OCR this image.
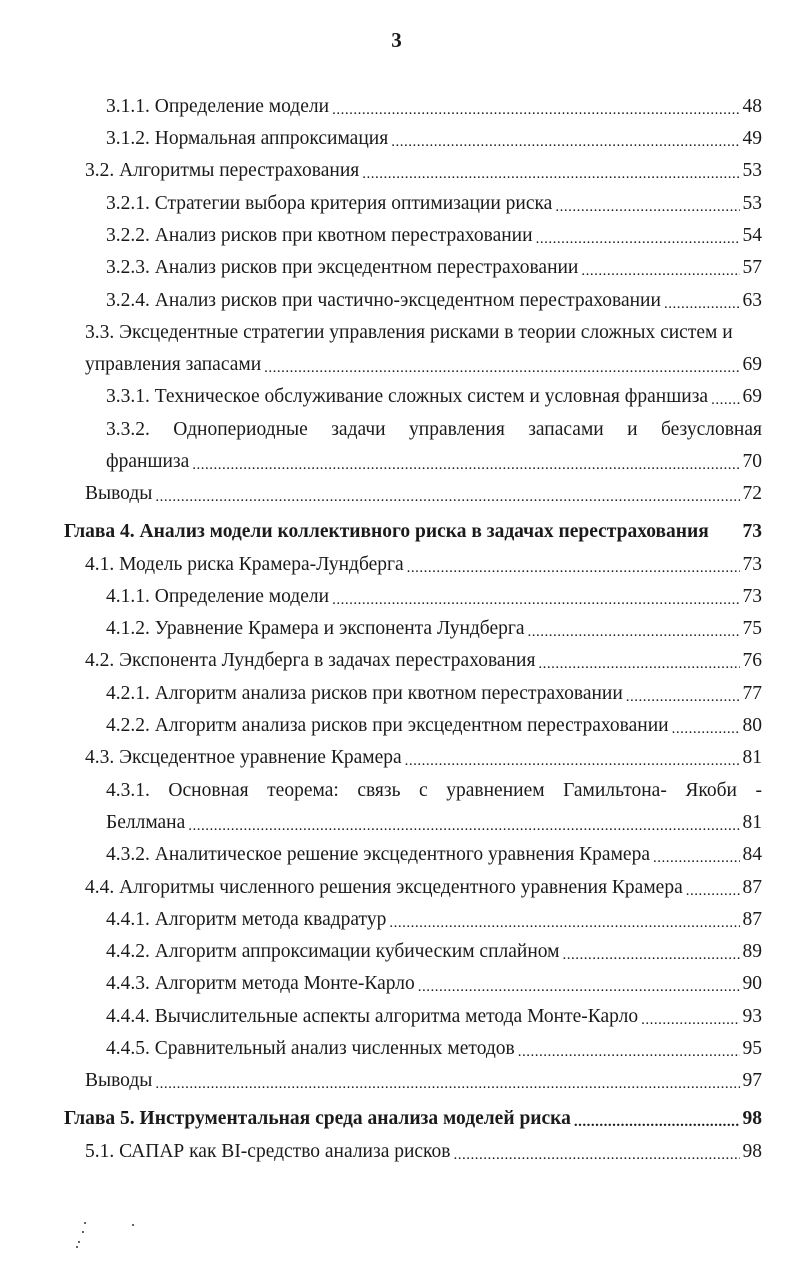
3
3.1.1. Определение модели .....	48
3.1.2. Нормальная аппроксимация .....	49
3.2. Алгоритмы перестрахования .....	53
3.2.1. Стратегии выбора критерия оптимизации риска .....	53
3.2.2. Анализ рисков при квотном перестраховании .....	54
3.2.3. Анализ рисков при эксцедентном перестраховании .....	57
3.2.4. Анализ рисков при частично-эксцедентном перестраховании .....	63
3.3. Эксцедентные стратегии управления рисками в теории сложных систем и
управления запасами .....	69
3.3.1. Техническое обслуживание сложных систем и условная франшиза ..... 69
3.3.2. Однопериодные задачи управления запасами и безусловная
франшиза .....	70
Выводы .....	72
Глава 4. Анализ модели коллективного риска в задачах перестрахования	73
4.1. Модель риска Крамера-Лундберга .....	73
4.1.1. Определение модели .....	73
4.1.2. Уравнение Крамера и экспонента Лундберга .....	75
4.2. Экспонента Лундберга в задачах перестрахования .....	76
4.2.1. Алгоритм анализа рисков при квотном перестраховании .....	77
4.2.2. Алгоритм анализа рисков при эксцедентном перестраховании .....	80
4.3. Эксцедентное уравнение Крамера .....	81
4.3.1. Основная теорема: связь с уравнением Гамильтона- Якоби -
Беллмана .....	81
4.3.2. Аналитическое решение эксцедентного уравнения Крамера .....	84
4.4. Алгоритмы численного решения эксцедентного уравнения Крамера .....	87
4.4.1. Алгоритм метода квадратур .....	87
4.4.2. Алгоритм аппроксимации кубическим сплайном .....	89
4.4.3. Алгоритм метода Монте-Карло .....	90
4.4.4. Вычислительные аспекты алгоритма метода Монте-Карло .....	93
4.4.5. Сравнительный анализ численных методов .....	95
Выводы .....	97
Глава 5. Инструментальная среда анализа моделей риска .....	98
5.1. САПАР как BI-средство анализа рисков .....	98
